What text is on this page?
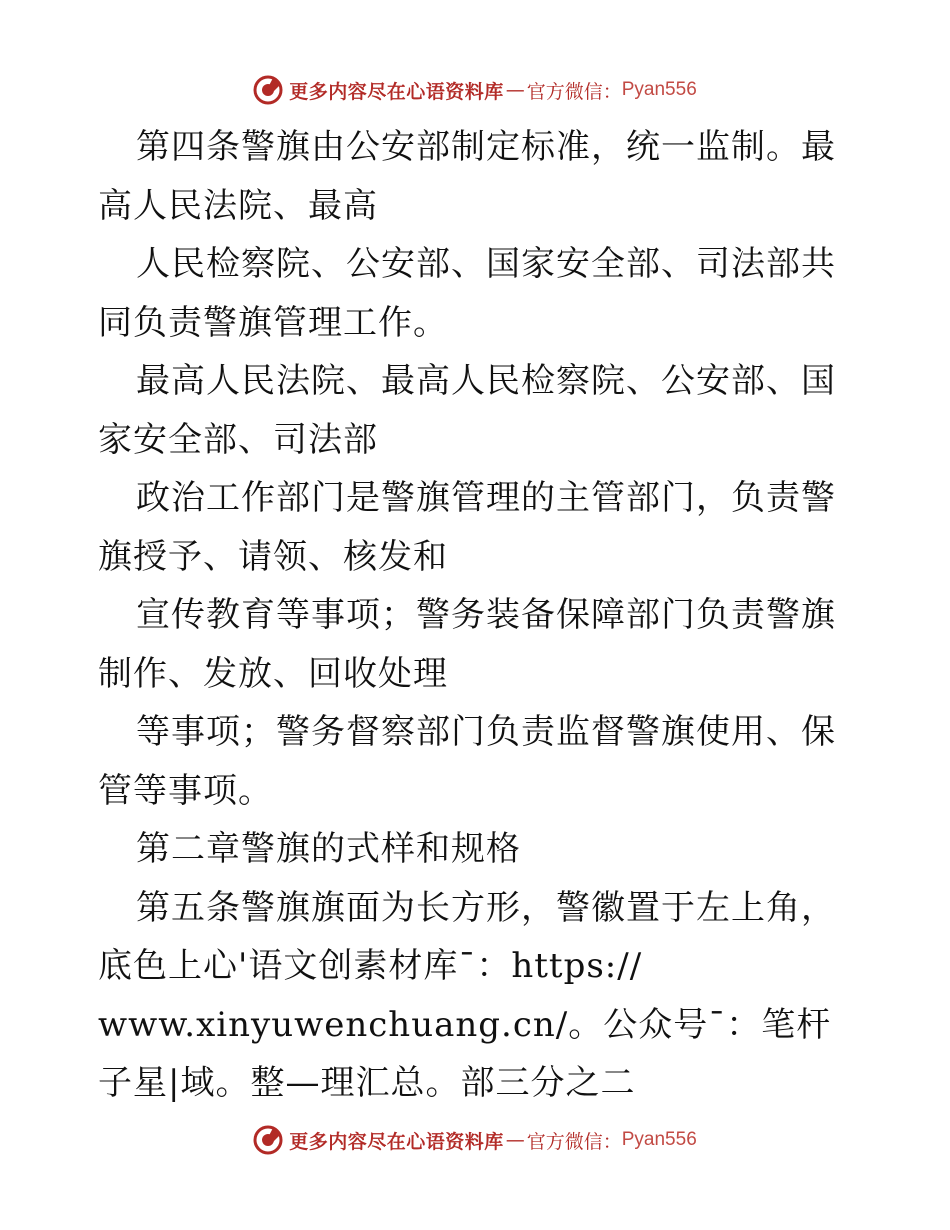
更多内容尽在心语资料库 — 官方微信： Pyan556

第四条警旗由公安部制定标准，统一监制。最高人民法院、最高

人民检察院、公安部、国家安全部、司法部共同负责警旗管理工作。

最高人民法院、最高人民检察院、公安部、国家安全部、司法部

政治工作部门是警旗管理的主管部门，负责警旗授予、请领、核发和

宣传教育等事项；警务装备保障部门负责警旗制作、发放、回收处理

等事项；警务督察部门负责监督警旗使用、保管等事项。

第二章警旗的式样和规格

第五条警旗旗面为长方形，警徽置于左上角，底色上心'语文创素材库¯：https://

www.xinyuwenchuang.cn/。公众号¯：笔杆子星|域。整—理汇总。部三分之二

更多内容尽在心语资料库 — 官方微信： Pyan556
